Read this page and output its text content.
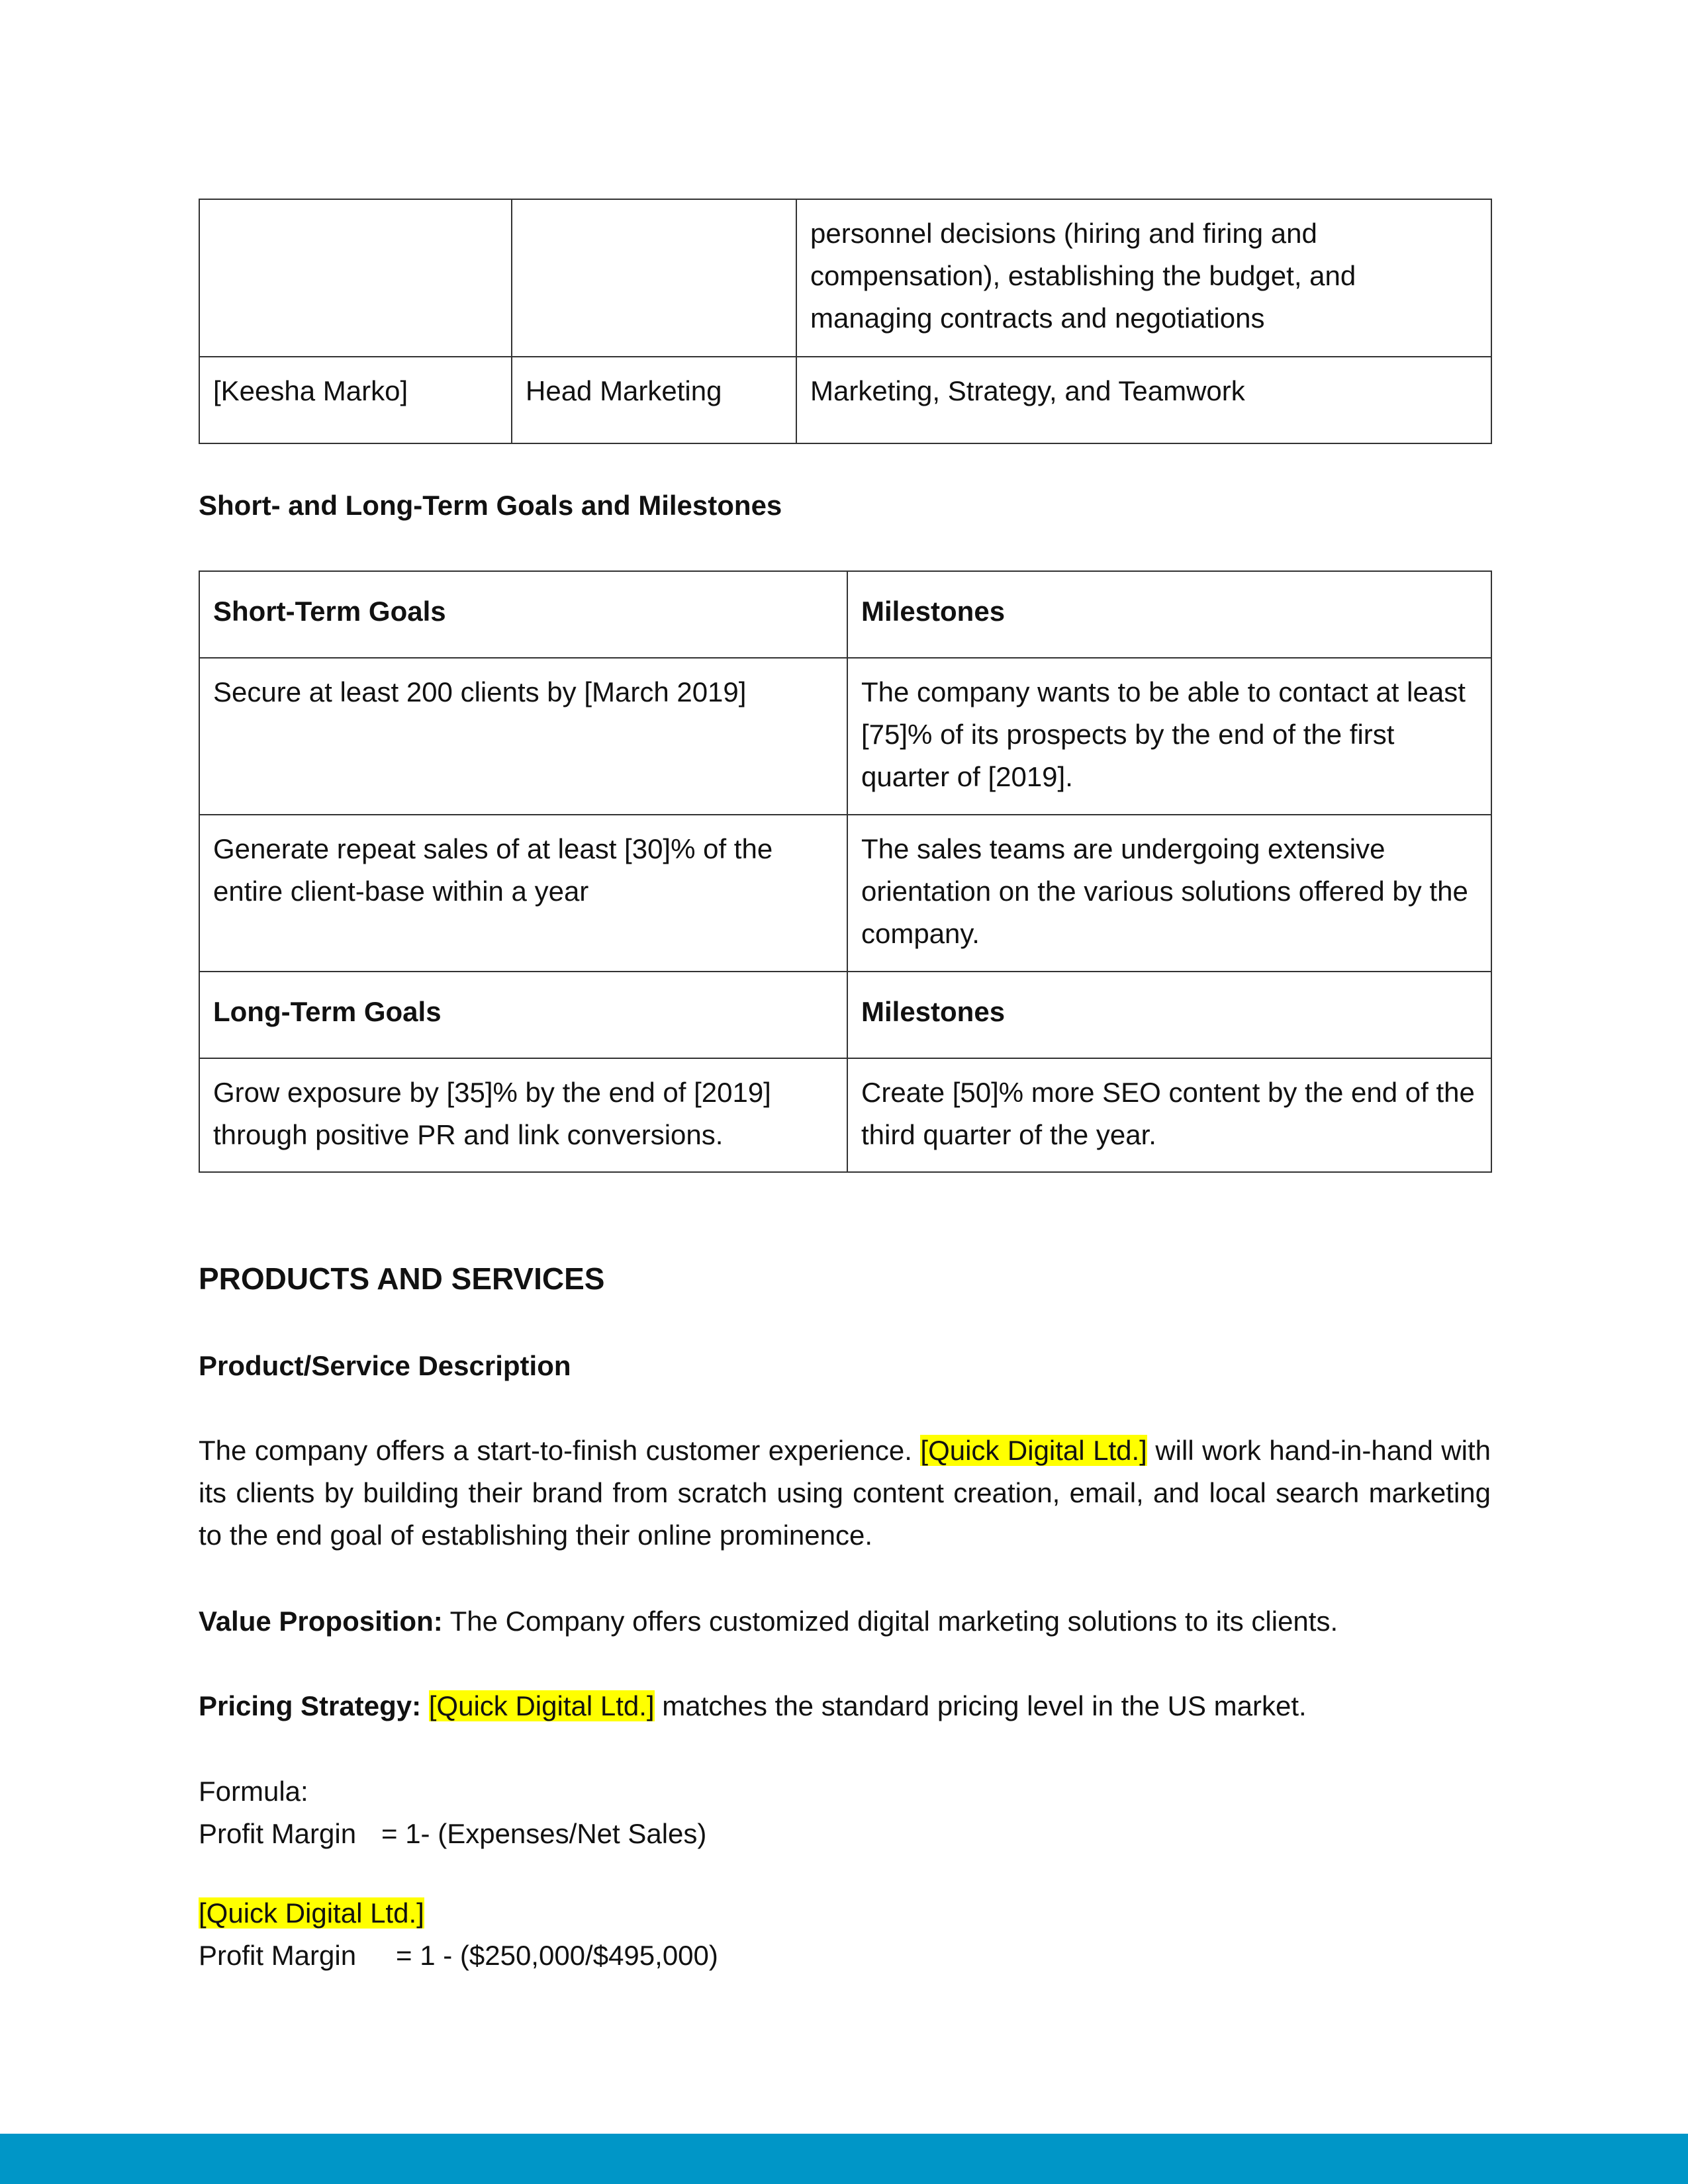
		personnel decisions (hiring and firing and compensation), establishing the budget, and managing contracts and negotiations
[Keesha Marko]	Head Marketing	Marketing, Strategy, and Teamwork
Short- and Long-Term Goals and Milestones
Short-Term Goals	Milestones
Secure at least 200 clients by [March 2019]	The company wants to be able to contact at least [75]% of its prospects by the end of the first quarter of [2019].
Generate repeat sales of at least [30]% of the entire client-base within a year	The sales teams are undergoing extensive orientation on the various solutions offered by the company.
Long-Term Goals	Milestones
Grow exposure by [35]% by the end of [2019] through positive PR and link conversions.	Create [50]% more SEO content by the end of the third quarter of the year.
PRODUCTS AND SERVICES
Product/Service Description
The company offers a start-to-finish customer experience. [Quick Digital Ltd.] will work hand-in-hand with its clients by building their brand from scratch using content creation, email, and local search marketing to the end goal of establishing their online prominence.
Value Proposition: The Company offers customized digital marketing solutions to its clients.
Pricing Strategy: [Quick Digital Ltd.] matches the standard pricing level in the US market.
Formula:
Profit Margin = 1- (Expenses/Net Sales)
[Quick Digital Ltd.]
Profit Margin = 1 - ($250,000/$495,000)
